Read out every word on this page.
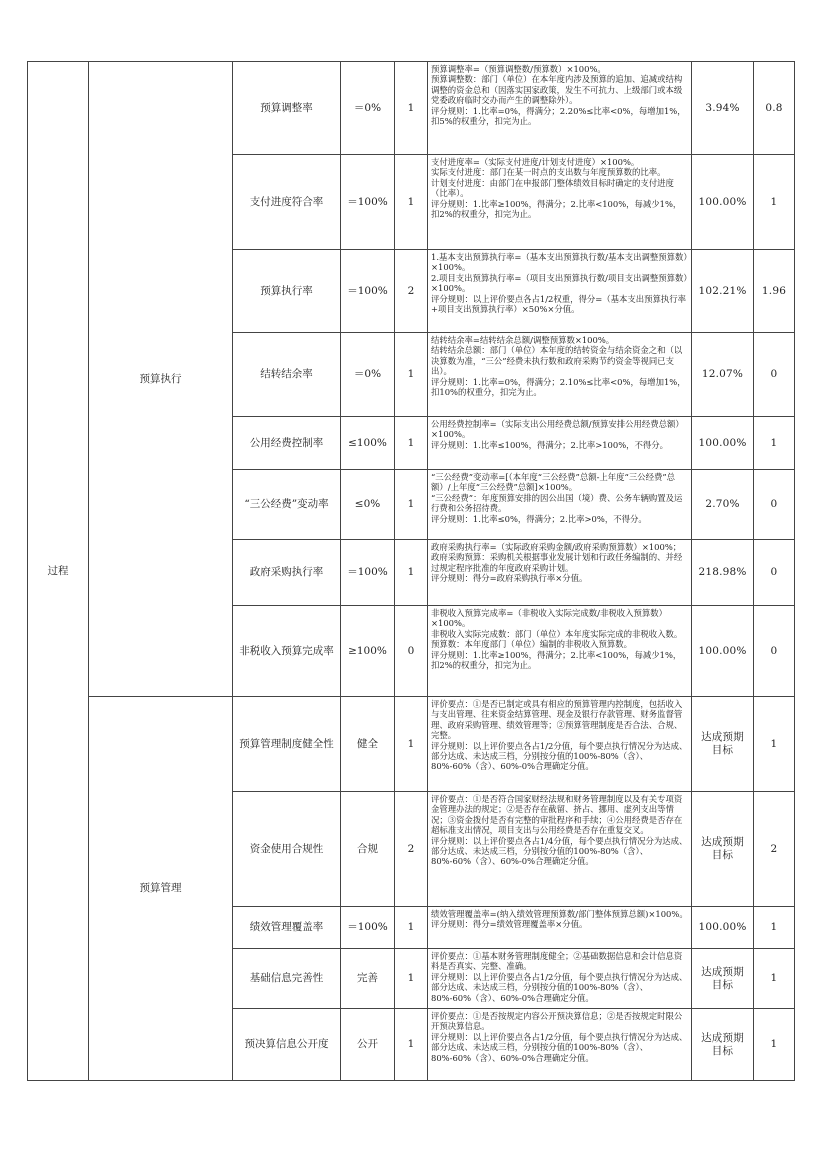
过程	预算执行	预算调整率	＝0%	1	预算调整率=（预算调整数/预算数）×100%。
预算调整数：部门（单位）在本年度内涉及预算的追加、追减或结构调整的资金总和（因落实国家政策，发生不可抗力、上级部门或本级党委政府临时交办而产生的调整除外）。
评分规则：1.比率=0%，得满分；2.20%≤比率<0%，每增加1%，扣5%的权重分，扣完为止。	3.94%	0.8
		支付进度符合率	＝100%	1	支付进度率=（实际支付进度/计划支付进度）×100%。
实际支付进度：部门在某一时点的支出数与年度预算数的比率。
计划支付进度：由部门在申报部门整体绩效目标时确定的支付进度（比率）。
评分规则：1.比率≥100%，得满分；2.比率<100%，每减少1%，扣2%的权重分，扣完为止。	100.00%	1
		预算执行率	＝100%	2	1.基本支出预算执行率=（基本支出预算执行数/基本支出调整预算数）×100%。
2.项目支出预算执行率=（项目支出预算执行数/项目支出调整预算数）×100%。
评分规则：以上评价要点各占1/2权重，得分=（基本支出预算执行率+项目支出预算执行率）×50%×分值。	102.21%	1.96
		结转结余率	＝0%	1	结转结余率=结转结余总额/调整预算数×100%。
结转结余总额：部门（单位）本年度的结转资金与结余资金之和（以决算数为准，“三公”经费未执行数和政府采购节约资金等视同已支出）。
评分规则：1.比率=0%，得满分；2.10%≤比率<0%，每增加1%，扣10%的权重分，扣完为止。	12.07%	0
		公用经费控制率	≤100%	1	公用经费控制率=（实际支出公用经费总额/预算安排公用经费总额）×100%。
评分规则：1.比率≤100%，得满分；2.比率>100%，不得分。	100.00%	1
		“三公经费”变动率	≤0%	1	“三公经费”变动率=[（本年度“三公经费”总额-上年度“三公经费”总额）/上年度“三公经费”总额]×100%。
“三公经费”：年度预算安排的因公出国（境）费、公务车辆购置及运行费和公务招待费。
评分规则：1.比率≤0%，得满分；2.比率>0%，不得分。	2.70%	0
		政府采购执行率	＝100%	1	政府采购执行率=（实际政府采购金额/政府采购预算数）×100%；
政府采购预算：采购机关根据事业发展计划和行政任务编制的、并经过规定程序批准的年度政府采购计划。
评分规则：得分=政府采购执行率×分值。	218.98%	0
		非税收入预算完成率	≥100%	0	非税收入预算完成率=（非税收入实际完成数/非税收入预算数）×100%。
非税收入实际完成数：部门（单位）本年度实际完成的非税收入数。
预算数：本年度部门（单位）编制的非税收入预算数。
评分规则：1.比率≥100%，得满分；2.比率<100%，每减少1%，扣2%的权重分，扣完为止。	100.00%	0
	预算管理	预算管理制度健全性	健全	1	评价要点：①是否已制定或具有相应的预算管理内控制度，包括收入与支出管理、往来资金结算管理、现金及银行存款管理、财务监督管理、政府采购管理、绩效管理等；②预算管理制度是否合法、合规、完整。
评分规则：以上评价要点各占1/2分值，每个要点执行情况分为达成、部分达成、未达成三档，分别按分值的100%-80%（含）、80%-60%（含）、60%-0%合理确定分值。	达成预期目标	1
		资金使用合规性	合规	2	评价要点：①是否符合国家财经法规和财务管理制度以及有关专项资金管理办法的规定；②是否存在截留、挤占、挪用、虚列支出等情况；③资金拨付是否有完整的审批程序和手续；④公用经费是否存在超标准支出情况，项目支出与公用经费是否存在重复交叉。
评分规则：以上评价要点各占1/4分值，每个要点执行情况分为达成、部分达成、未达成三档，分别按分值的100%-80%（含）、80%-60%（含）、60%-0%合理确定分值。	达成预期目标	2
		绩效管理覆盖率	＝100%	1	绩效管理覆盖率=(纳入绩效管理预算数/部门整体预算总额)×100%。
评分规则：得分=绩效管理覆盖率×分值。	100.00%	1
		基础信息完善性	完善	1	评价要点：①基本财务管理制度健全；②基础数据信息和会计信息资料是否真实、完整、准确。
评分规则：以上评价要点各占1/2分值，每个要点执行情况分为达成、部分达成、未达成三档，分别按分值的100%-80%（含）、80%-60%（含）、60%-0%合理确定分值。	达成预期目标	1
		预决算信息公开度	公开	1	评价要点：①是否按规定内容公开预决算信息；②是否按规定时限公开预决算信息。
评分规则：以上评价要点各占1/2分值，每个要点执行情况分为达成、部分达成、未达成三档，分别按分值的100%-80%（含）、80%-60%（含）、60%-0%合理确定分值。	达成预期目标	1
